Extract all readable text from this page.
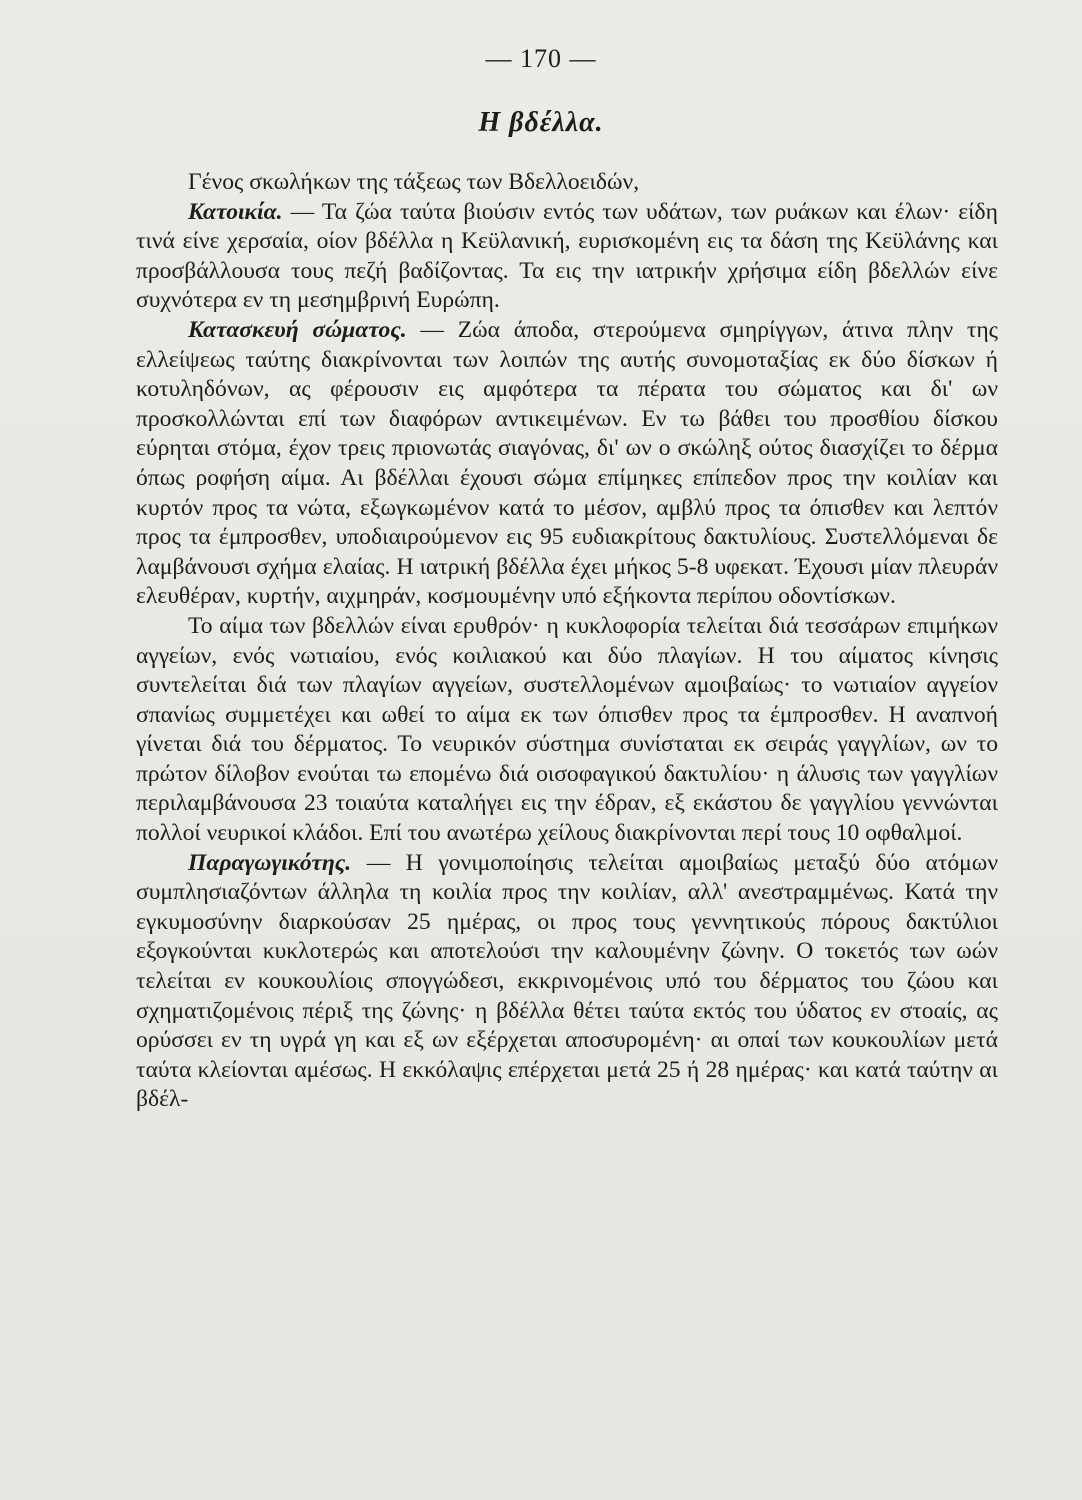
— 170 —
Η βδέλλα.

Γένος σκωλήκων της τάξεως των Βδελλοειδών,

Κατοικία. — Τα ζώα ταύτα βιούσιν εντός των υδάτων, των ρυάκων και έλων· είδη τινά είνε χερσαία, οίον βδέλλα η Κεϋλανική, ευρισκομένη εις τα δάση της Κεϋλάνης και προσβάλλουσα τους πεζή βαδίζοντας. Τα εις την ιατρικήν χρήσιμα είδη βδελλών είνε συχνότερα εν τη μεσημβρινή Ευρώπη.

Κατασκευή σώματος. — Ζώα άποδα, στερούμενα σμηρίγγων, άτινα πλην της ελλείψεως ταύτης διακρίνονται των λοιπών της αυτής συνομοταξίας εκ δύο δίσκων ή κοτυληδόνων, ας φέρουσιν εις αμφότερα τα πέρατα του σώματος και δι' ων προσκολλώνται επί των διαφόρων αντικειμένων. Εν τω βάθει του προσθίου δίσκου εύρηται στόμα, έχον τρεις πριονωτάς σιαγόνας, δι' ων ο σκώληξ ούτος διασχίζει το δέρμα όπως ροφήση αίμα. Αι βδέλλαι έχουσι σώμα επίμηκες επίπεδον προς την κοιλίαν και κυρτόν προς τα νώτα, εξωγκωμένον κατά το μέσον, αμβλύ προς τα όπισθεν και λεπτόν προς τα έμπροσθεν, υποδιαιρούμενον εις 95 ευδιακρίτους δακτυλίους. Συστελλόμεναι δε λαμβάνουσι σχήμα ελαίας. Η ιατρική βδέλλα έχει μήκος 5-8 υφεκατ. Έχουσι μίαν πλευράν ελευθέραν, κυρτήν, αιχμηράν, κοσμουμένην υπό εξήκοντα περίπου οδοντίσκων.

Το αίμα των βδελλών είναι ερυθρόν· η κυκλοφορία τελείται διά τεσσάρων επιμήκων αγγείων, ενός νωτιαίου, ενός κοιλιακού και δύο πλαγίων. Η του αίματος κίνησις συντελείται διά των πλαγίων αγγείων, συστελλομένων αμοιβαίως· το νωτιαίον αγγείον σπανίως συμμετέχει και ωθεί το αίμα εκ των όπισθεν προς τα έμπροσθεν. Η αναπνοή γίνεται διά του δέρματος. Το νευρικόν σύστημα συνίσταται εκ σειράς γαγγλίων, ων το πρώτον δίλοβον ενούται τω επομένω διά οισοφαγικού δακτυλίου· η άλυσις των γαγγλίων περιλαμβάνουσα 23 τοιαύτα καταλήγει εις την έδραν, εξ εκάστου δε γαγγλίου γεννώνται πολλοί νευρικοί κλάδοι. Επί του ανωτέρω χείλους διακρίνονται περί τους 10 οφθαλμοί.

Παραγωγικότης. — Η γονιμοποίησις τελείται αμοιβαίως μεταξύ δύο ατόμων συμπλησιαζόντων άλληλα τη κοιλία προς την κοιλίαν, αλλ' ανεστραμμένως. Κατά την εγκυμοσύνην διαρκούσαν 25 ημέρας, οι προς τους γεννητικούς πόρους δακτύλιοι εξογκούνται κυκλοτερώς και αποτελούσι την καλουμένην ζώνην. Ο τοκετός των ωών τελείται εν κουκουλίοις σπογγώδεσι, εκκρινομένοις υπό του δέρματος του ζώου και σχηματιζομένοις πέριξ της ζώνης· η βδέλλα θέτει ταύτα εκτός του ύδατος εν στοαίς, ας ορύσσει εν τη υγρά γη και εξ ων εξέρχεται αποσυρομένη· αι οπαί των κουκουλίων μετά ταύτα κλείονται αμέσως. Η εκκόλαψις επέρχεται μετά 25 ή 28 ημέρας· και κατά ταύτην αι βδέλ-
